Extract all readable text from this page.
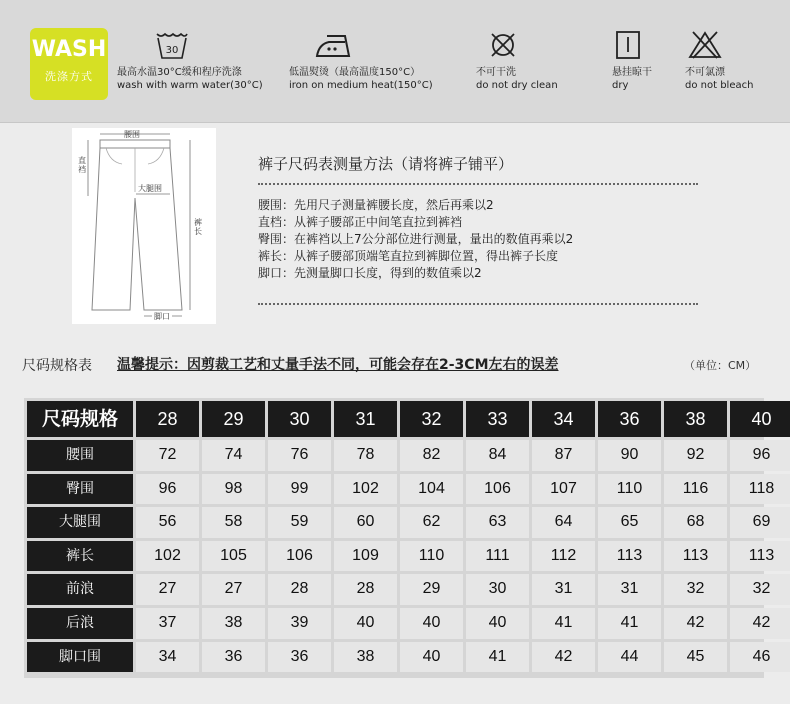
WASH
洗涤方式
30
最高水温30°C缓和程序洗涤
wash with warm water(30°C)
低温熨烫（最高温度150°C）
iron on medium heat(150°C)
不可干洗
do not dry clean
悬挂晾干
dry
不可氯漂
do not bleach
腰围
直裆
大腿围
裤长
脚口
裤子尺码表测量方法（请将裤子铺平）
腰围：先用尺子测量裤腰长度，然后再乘以2
直档：从裤子腰部正中间笔直拉到裤裆
臀围：在裤裆以上7公分部位进行测量，量出的数值再乘以2
裤长：从裤子腰部顶端笔直拉到裤脚位置，得出裤子长度
脚口：先测量脚口长度，得到的数值乘以2
尺码规格表 温馨提示：因剪裁工艺和丈量手法不同，可能会存在2-3CM左右的误差	（单位：CM）
尺码规格	28	29	30	31	32	33	34	36	38	40
腰围	72	74	76	78	82	84	87	90	92	96
臀围	96	98	99	102	104	106	107	110	116	118
大腿围	56	58	59	60	62	63	64	65	68	69
裤长	102	105	106	109	110	111	112	113	113	113
前浪	27	27	28	28	29	30	31	31	32	32
后浪	37	38	39	40	40	40	41	41	42	42
脚口围	34	36	36	38	40	41	42	44	45	46
